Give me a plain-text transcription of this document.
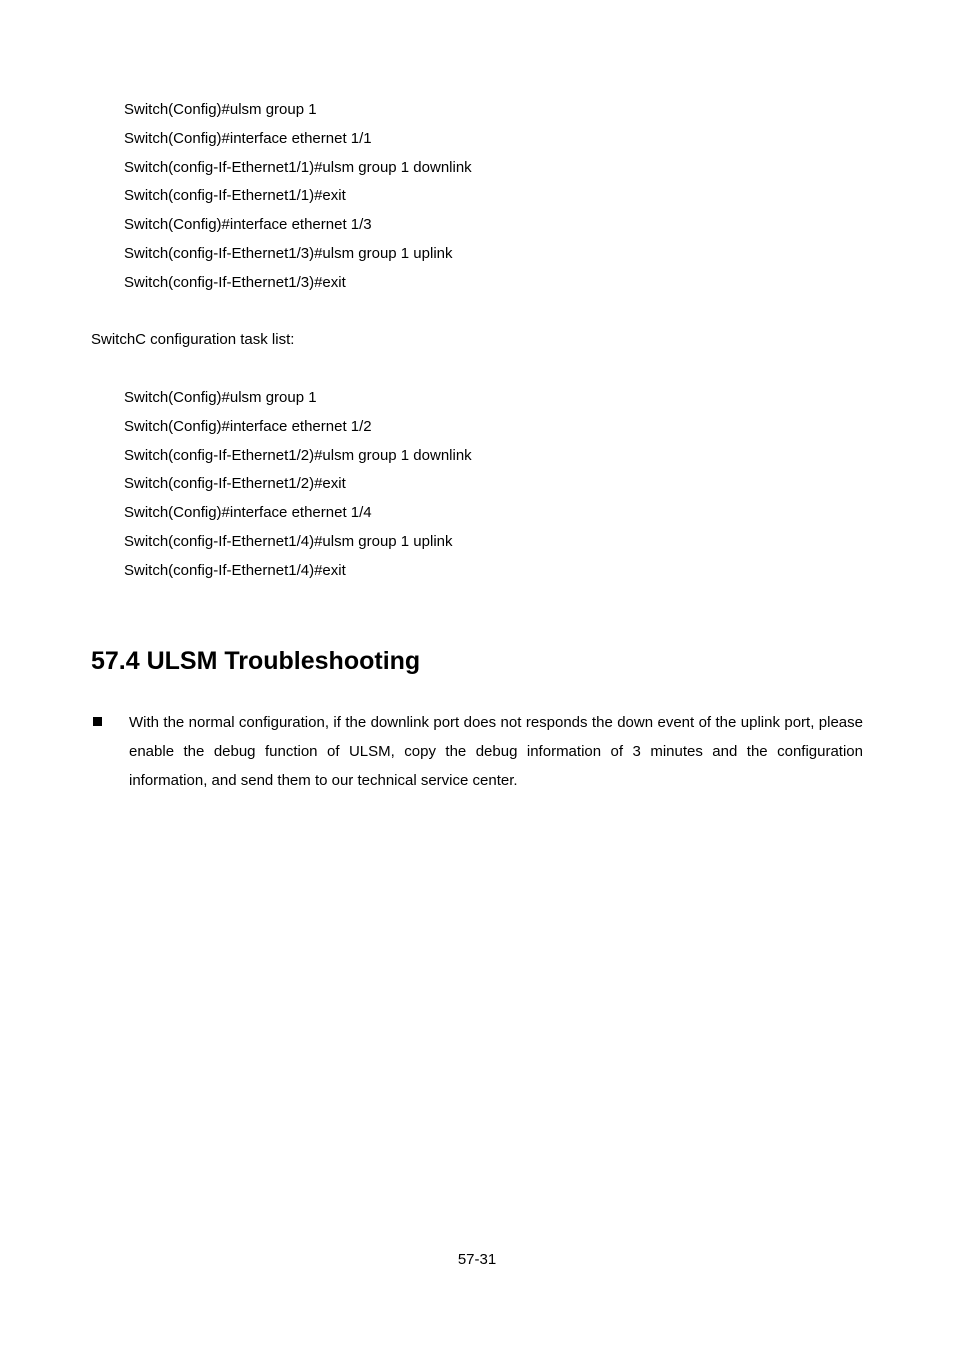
Switch(Config)#ulsm group 1
Switch(Config)#interface ethernet 1/1
Switch(config-If-Ethernet1/1)#ulsm group 1 downlink
Switch(config-If-Ethernet1/1)#exit
Switch(Config)#interface ethernet 1/3
Switch(config-If-Ethernet1/3)#ulsm group 1 uplink
Switch(config-If-Ethernet1/3)#exit
SwitchC configuration task list:
Switch(Config)#ulsm group 1
Switch(Config)#interface ethernet 1/2
Switch(config-If-Ethernet1/2)#ulsm group 1 downlink
Switch(config-If-Ethernet1/2)#exit
Switch(Config)#interface ethernet 1/4
Switch(config-If-Ethernet1/4)#ulsm group 1 uplink
Switch(config-If-Ethernet1/4)#exit
57.4 ULSM Troubleshooting
With the normal configuration, if the downlink port does not responds the down event of the uplink port, please enable the debug function of ULSM, copy the debug information of 3 minutes and the configuration information, and send them to our technical service center.
57-31
